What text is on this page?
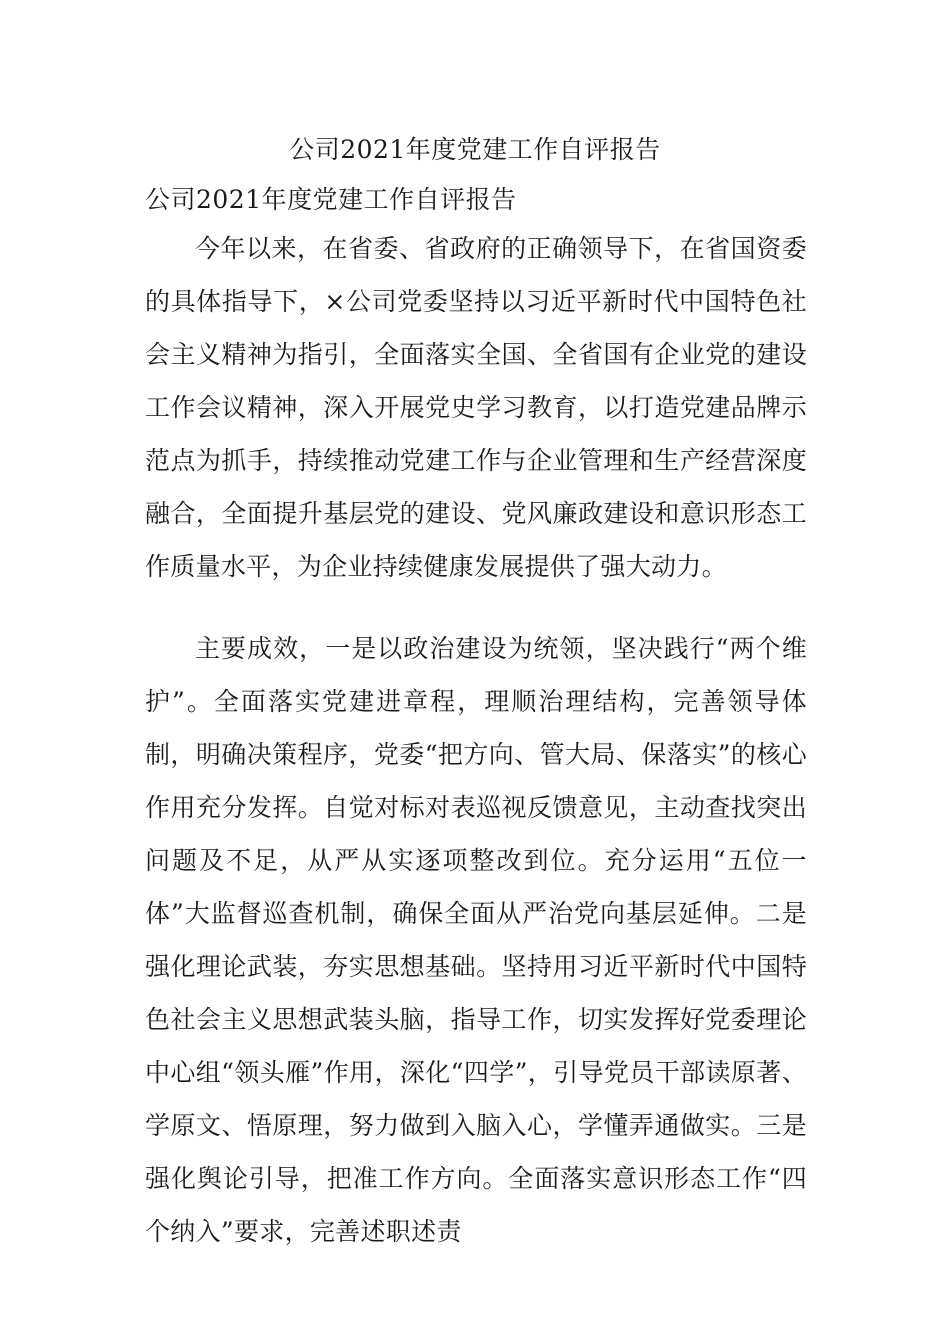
公司2021年度党建工作自评报告
公司2021年度党建工作自评报告

今年以来，在省委、省政府的正确领导下，在省国资委的具体指导下，×公司党委坚持以习近平新时代中国特色社会主义精神为指引，全面落实全国、全省国有企业党的建设工作会议精神，深入开展党史学习教育，以打造党建品牌示范点为抓手，持续推动党建工作与企业管理和生产经营深度融合，全面提升基层党的建设、党风廉政建设和意识形态工作质量水平，为企业持续健康发展提供了强大动力。

主要成效，一是以政治建设为统领，坚决践行“两个维护”。全面落实党建进章程，理顺治理结构，完善领导体制，明确决策程序，党委“把方向、管大局、保落实”的核心作用充分发挥。自觉对标对表巡视反馈意见，主动查找突出问题及不足，从严从实逐项整改到位。充分运用“五位一体”大监督巡查机制，确保全面从严治党向基层延伸。二是强化理论武装，夯实思想基础。坚持用习近平新时代中国特色社会主义思想武装头脑，指导工作，切实发挥好党委理论中心组“领头雁”作用，深化“四学”，引导党员干部读原著、学原文、悟原理，努力做到入脑入心，学懂弄通做实。三是强化舆论引导，把准工作方向。全面落实意识形态工作“四个纳入”要求，完善述职述责
